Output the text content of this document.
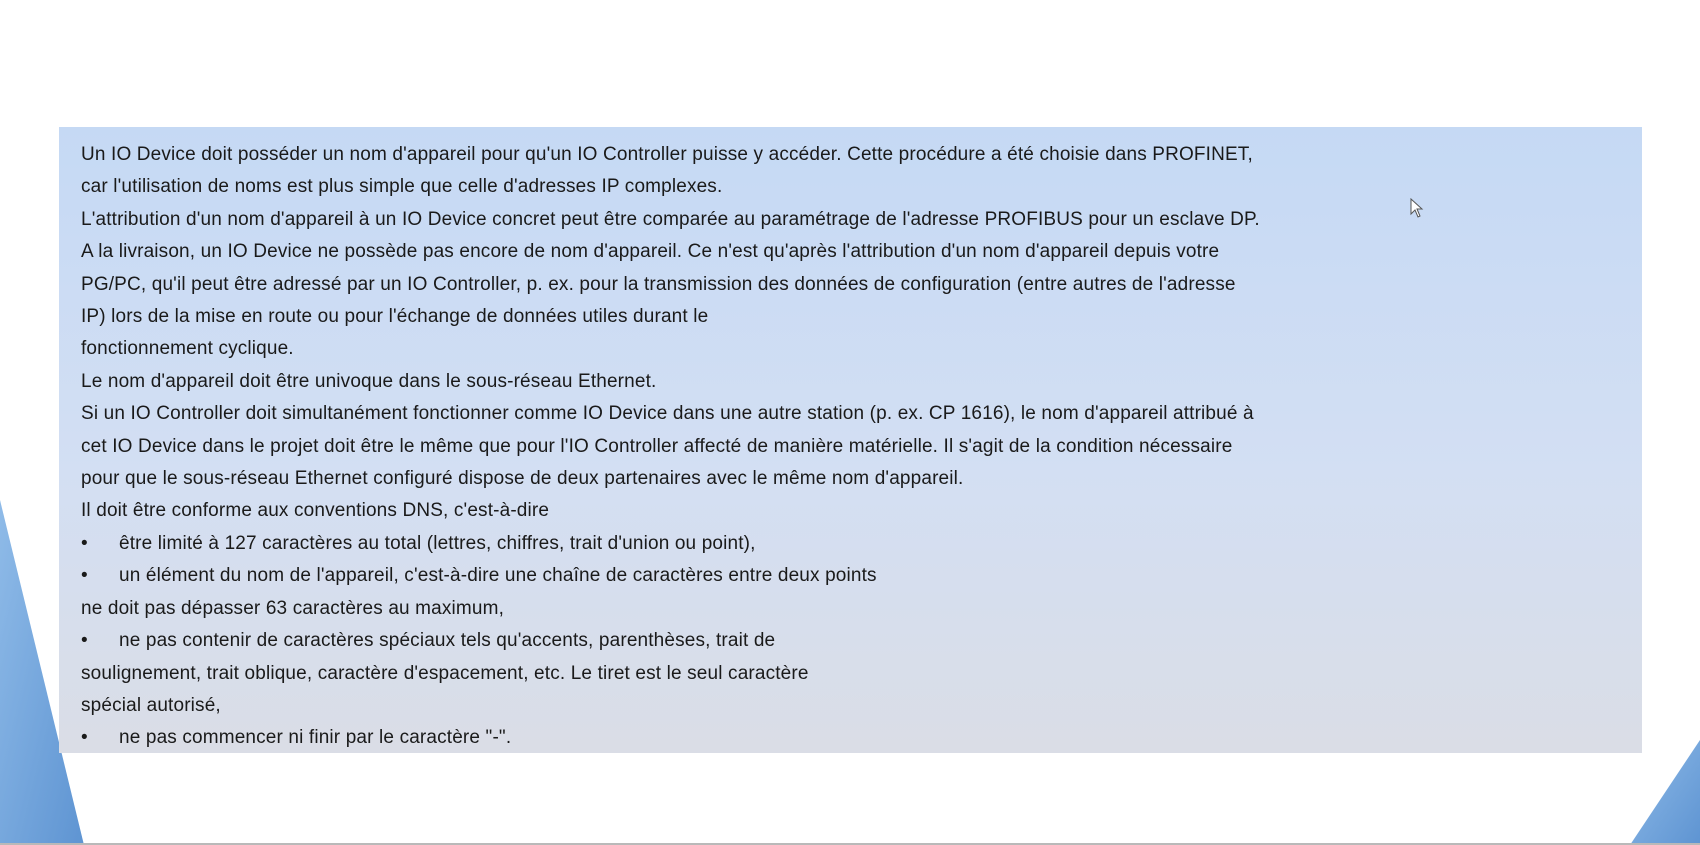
Un IO Device doit posséder un nom d'appareil pour qu'un IO Controller puisse y accéder. Cette procédure a été choisie dans PROFINET,
car l'utilisation de noms est plus simple que celle d'adresses IP complexes.
L'attribution d'un nom d'appareil à un IO Device concret peut être comparée au paramétrage de l'adresse PROFIBUS pour un esclave DP.
A la livraison, un IO Device ne possède pas encore de nom d'appareil. Ce n'est qu'après l'attribution d'un nom d'appareil depuis votre
PG/PC, qu'il peut être adressé par un IO Controller, p. ex. pour la transmission des données de configuration (entre autres de l'adresse
IP) lors de la mise en route ou pour l'échange de données utiles durant le
fonctionnement cyclique.
Le nom d'appareil doit être univoque dans le sous-réseau Ethernet.
Si un IO Controller doit simultanément fonctionner comme IO Device dans une autre station (p. ex. CP 1616), le nom d'appareil attribué à
cet IO Device dans le projet doit être le même que pour l'IO Controller affecté de manière matérielle. Il s'agit de la condition nécessaire
pour que le sous-réseau Ethernet configuré dispose de deux partenaires avec le même nom d'appareil.
Il doit être conforme aux conventions DNS, c'est-à-dire
• être limité à 127 caractères au total (lettres, chiffres, trait d'union ou point),
• un élément du nom de l'appareil, c'est-à-dire une chaîne de caractères entre deux points
ne doit pas dépasser 63 caractères au maximum,
• ne pas contenir de caractères spéciaux tels qu'accents, parenthèses, trait de
soulignement, trait oblique, caractère d'espacement, etc. Le tiret est le seul caractère
spécial autorisé,
• ne pas commencer ni finir par le caractère "-".
